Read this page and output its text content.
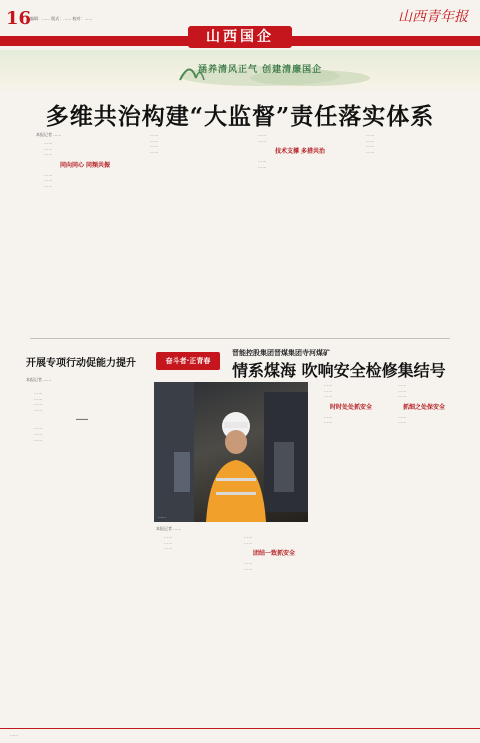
16
编辑：…… 版式：…… 校对：……
山西国企
山西青年报
涵养清风正气 创建清廉国企
多维共治构建“大监督”责任落实体系
本报记者 ……

……

……

……

同向同心 同频共振

……

……

……

……

……

……

……

……

……

技术支撑 多措共治

……

……

……

……

……

……

开展专项行动促能力提升
本报记者 ……

……

……

……

……

……

……

……

……

奋斗者·正青春
晋能控股集团晋煤集团寺河煤矿
情系煤海 吹响安全检修集结号
……
本报记者 ……

……

……

……

……

……

团结一致抓安全

……

……

……

……

……

时时处处抓安全

……

……

……

……

……

抓细之处保安全

……

……

……
